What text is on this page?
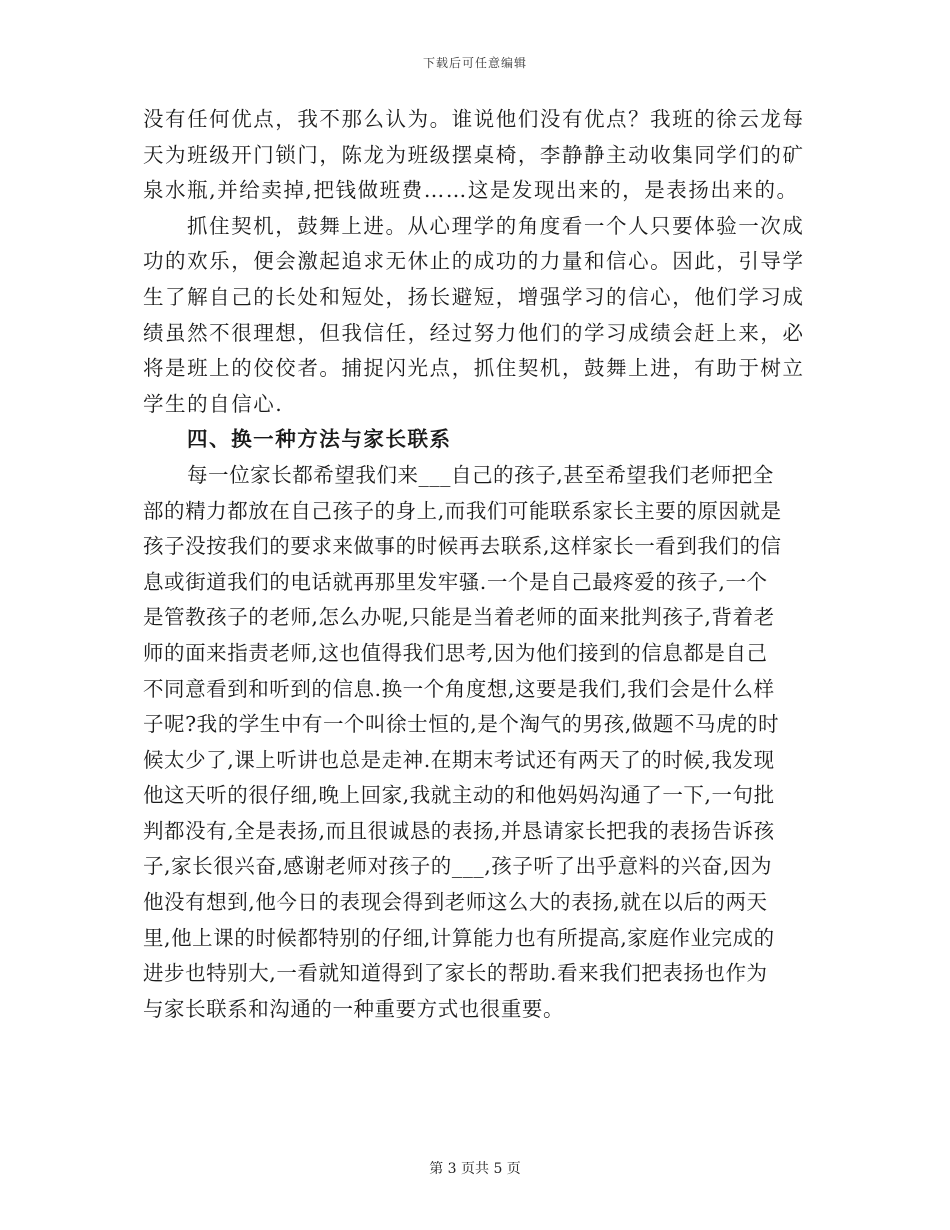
下载后可任意编辑
没有任何优点，我不那么认为。谁说他们没有优点？我班的徐云龙每
天为班级开门锁门，陈龙为班级摆桌椅，李静静主动收集同学们的矿
泉水瓶,并给卖掉,把钱做班费……这是发现出来的，是表扬出来的。
抓住契机，鼓舞上进。从心理学的角度看一个人只要体验一次成
功的欢乐，便会激起追求无休止的成功的力量和信心。因此，引导学
生了解自己的长处和短处，扬长避短，增强学习的信心，他们学习成
绩虽然不很理想，但我信任，经过努力他们的学习成绩会赶上来，必
将是班上的佼佼者。捕捉闪光点，抓住契机，鼓舞上进，有助于树立
学生的自信心.
四、换一种方法与家长联系
每一位家长都希望我们来___自己的孩子,甚至希望我们老师把全
部的精力都放在自己孩子的身上,而我们可能联系家长主要的原因就是
孩子没按我们的要求来做事的时候再去联系,这样家长一看到我们的信
息或街道我们的电话就再那里发牢骚.一个是自己最疼爱的孩子,一个
是管教孩子的老师,怎么办呢,只能是当着老师的面来批判孩子,背着老
师的面来指责老师,这也值得我们思考,因为他们接到的信息都是自己
不同意看到和听到的信息.换一个角度想,这要是我们,我们会是什么样
子呢?我的学生中有一个叫徐士恒的,是个淘气的男孩,做题不马虎的时
候太少了,课上听讲也总是走神.在期末考试还有两天了的时候,我发现
他这天听的很仔细,晚上回家,我就主动的和他妈妈沟通了一下,一句批
判都没有,全是表扬,而且很诚恳的表扬,并恳请家长把我的表扬告诉孩
子,家长很兴奋,感谢老师对孩子的___,孩子听了出乎意料的兴奋,因为
他没有想到,他今日的表现会得到老师这么大的表扬,就在以后的两天
里,他上课的时候都特别的仔细,计算能力也有所提高,家庭作业完成的
进步也特别大,一看就知道得到了家长的帮助.看来我们把表扬也作为
与家长联系和沟通的一种重要方式也很重要。
第 3 页共 5 页
